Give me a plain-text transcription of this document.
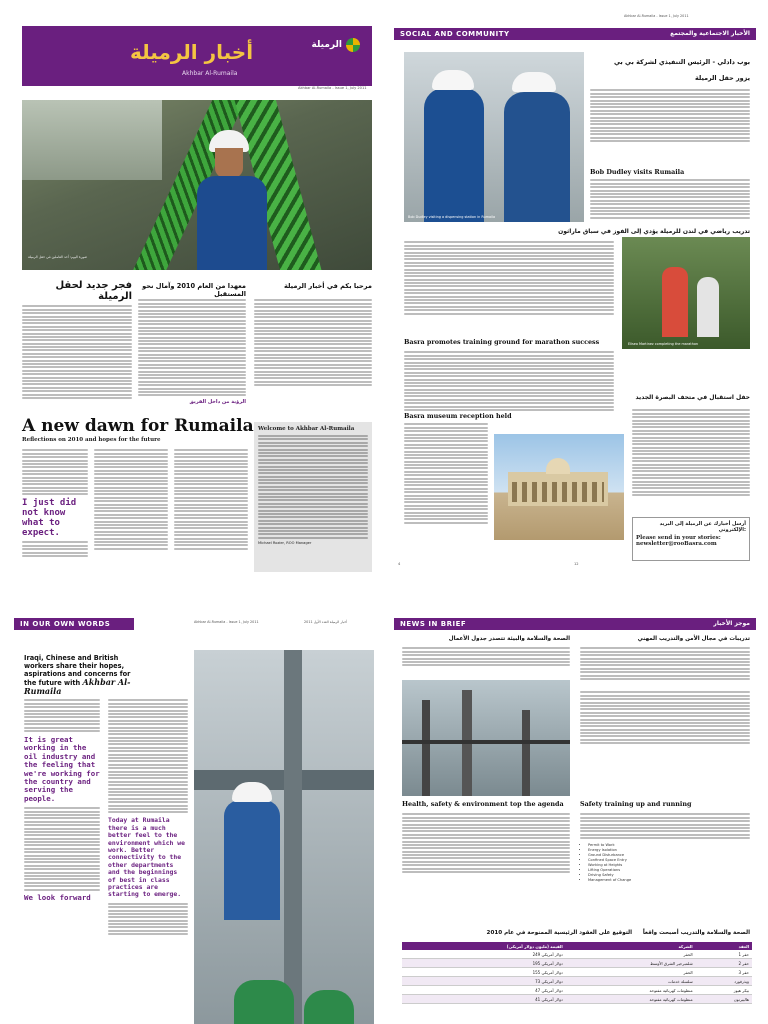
الرميلة
أخبار الرميلة
Akhbar Al-Rumaila
Akhbar Al-Rumaila - Issue 1, July 2011
صورة اليوم: أحد العاملين في حقل الرميلة
فجر جديد لحقل الرميلة
معهدا من العام 2010 وآمال نحو المستقبل
مرحبا بكم في أخبار الرميلة
الرؤية من داخل الفريق
A new dawn for Rumaila
Reflections on 2010 and hopes for the future
I just did not know what to expect.
Welcome to Akhbar Al-Rumaila
Michael Rozier, ROO Manager
Akhbar Al-Rumaila - Issue 1, July 2011
SOCIAL AND COMMUNITY	الأخبار الاجتماعية والمجتمع
Bob Dudley visiting a dispensing station in Rumaila
بوب دادلي - الرئيس التنفيذي لشركة بي بي
يزور حقل الرميلة
Bob Dudley visits Rumaila
تدريب رياضي في لندن للرميلة يؤدي إلى الفوز في سباق ماراثون
Eliseo Martinez completing the marathon
Basra promotes training ground for marathon success
حفل استقبال في متحف البصرة الجديد
Basra museum reception held
أرسل أخبارك عن الرميلة إلى البريد الإلكتروني:
Please send in your stories: newsletter@rooBasra.com
4	12
IN OUR OWN WORDS	Akhbar Al-Rumaila - Issue 1, July 2011	أخبار الرميلة العدد الأول 2011
Iraqi, Chinese and British workers share their hopes, aspirations and concerns for the future with Akhbar Al-Rumaila
It is great working in the oil industry and the feeling that we're working for the country and serving the people.
We look forward
Today at Rumaila there is a much better feel to the environment which we work. Better connectivity to the other departments and the beginnings of best in class practices are starting to emerge.
NEWS IN BRIEF	موجز الأخبار
تدريبات في مجال الأمن والتدريب المهني
الصحة والسلامة والبيئة تتصدر جدول الأعمال
Health, safety & environment top the agenda	Safety training up and running
• Permit to Work
• Energy Isolation
• Ground Disturbance
• Confined Space Entry
• Working at Heights
• Lifting Operations
• Driving Safety
• Management of Change
التوقيع على العقود الرئيسية الممنوحة في عام 2010	الصحة والسلامة والتدريب أصبحت واقعاً
القيمة (مليون دولار أمريكي)	الشركة	العقد
249 دولار أمريكي	الحفر	حفر 1
195 دولار أمريكي	شلمبرجير الشرق الأوسط	حفر 2
155 دولار أمريكي	الحفر	حفر 3
73 دولار أمريكي	سلسلة خدمات	ويذرفورد
47 دولار أمريكي	منظومات كهربائية مفتوحة	بيكر هيوز
41 دولار أمريكي	منظومات كهربائية مفتوحة	هاليبرتون
